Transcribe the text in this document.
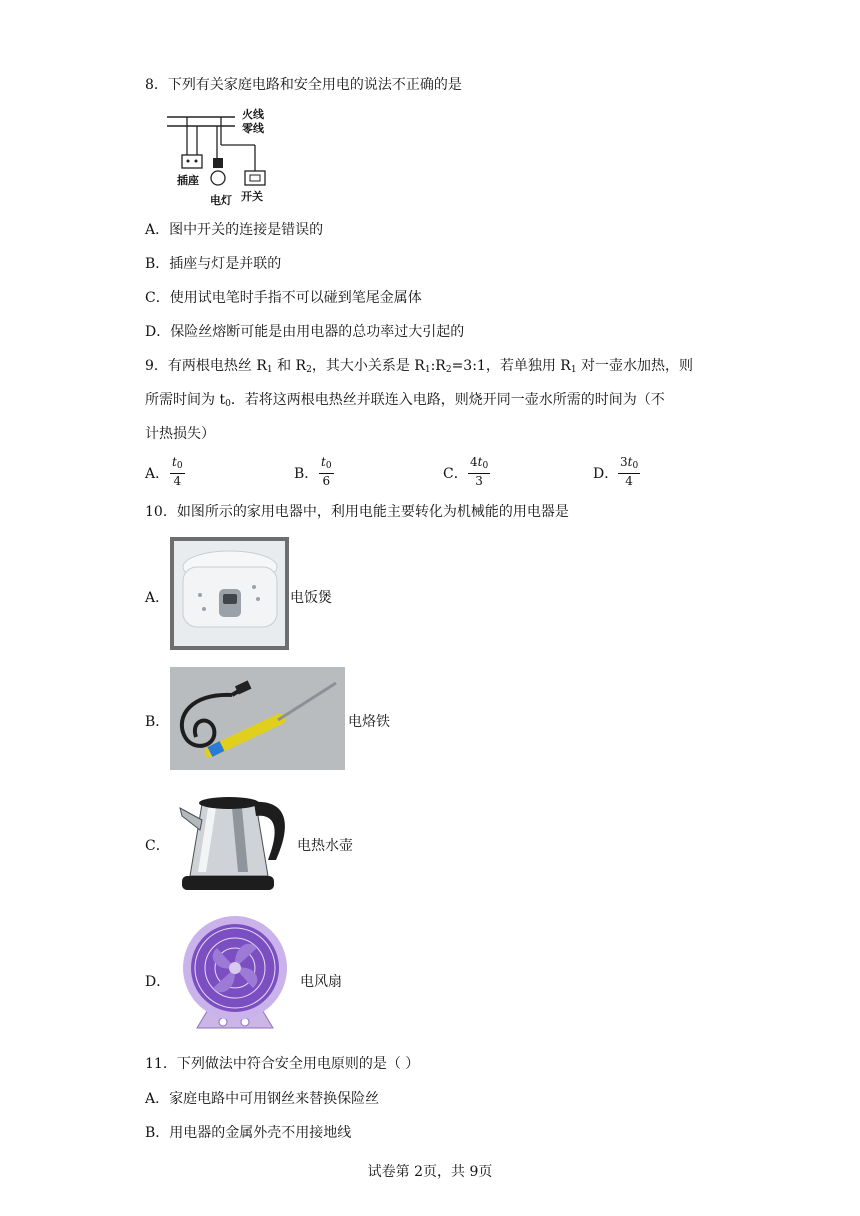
8．下列有关家庭电路和安全用电的说法不正确的是
火线
零线
插座
电灯 开关
A．图中开关的连接是错误的
B．插座与灯是并联的
C．使用试电笔时手指不可以碰到笔尾金属体
D．保险丝熔断可能是由用电器的总功率过大引起的
9．有两根电热丝 $R_1$ 和 $R_2$，其大小关系是 $R_1:R_2=3:1$，若单独用 $R_1$ 对一壶水加热，则
所需时间为 $t_0$．若将这两根电热丝并联连入电路，则烧开同一壶水所需的时间为（不
计热损失）
A． $\frac{t_0}{4}$	B． $\frac{t_0}{6}$	C． $\frac{4t_0}{3}$	D． $\frac{3t_0}{4}$
10．如图所示的家用电器中，利用电能主要转化为机械能的用电器是
A．	电饭煲
B．	电烙铁
C．	电热水壶
D．	电风扇
11．下列做法中符合安全用电原则的是（ ）
A．家庭电路中可用钢丝来替换保险丝
B．用电器的金属外壳不用接地线
试卷第 2页，共 9页
